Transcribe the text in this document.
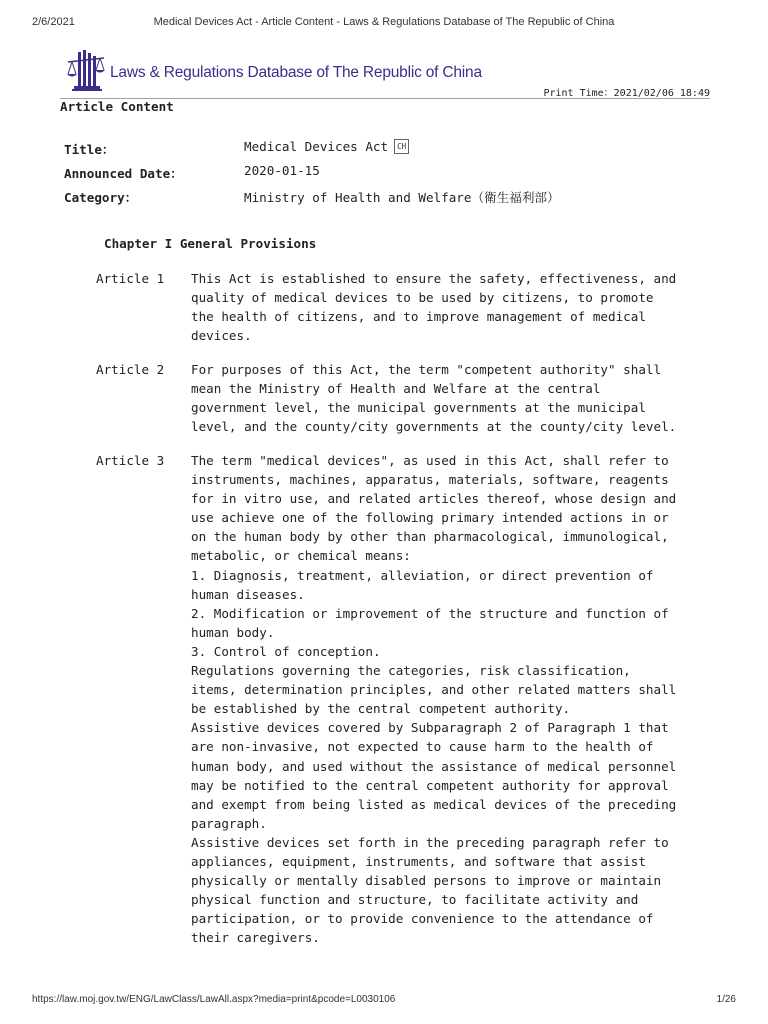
2/6/2021	Medical Devices Act - Article Content - Laws & Regulations Database of The Republic of China
Laws & Regulations Database of The Republic of China
Print Time：2021/02/06 18:49
Article Content
Title：	Medical Devices Act CH
Announced Date：	2020-01-15
Category：	Ministry of Health and Welfare（衛生福利部）
Chapter I General Provisions
Article 1 This Act is established to ensure the safety, effectiveness, and
quality of medical devices to be used by citizens, to promote
the health of citizens, and to improve management of medical
devices.
Article 2 For purposes of this Act, the term "competent authority" shall
mean the Ministry of Health and Welfare at the central
government level, the municipal governments at the municipal
level, and the county/city governments at the county/city level.
Article 3 The term "medical devices", as used in this Act, shall refer to
instruments, machines, apparatus, materials, software, reagents
for in vitro use, and related articles thereof, whose design and
use achieve one of the following primary intended actions in or
on the human body by other than pharmacological, immunological,
metabolic, or chemical means:
1. Diagnosis, treatment, alleviation, or direct prevention of
human diseases.
2. Modification or improvement of the structure and function of
human body.
3. Control of conception.
Regulations governing the categories, risk classification,
items, determination principles, and other related matters shall
be established by the central competent authority.
Assistive devices covered by Subparagraph 2 of Paragraph 1 that
are non-invasive, not expected to cause harm to the health of
human body, and used without the assistance of medical personnel
may be notified to the central competent authority for approval
and exempt from being listed as medical devices of the preceding
paragraph.
Assistive devices set forth in the preceding paragraph refer to
appliances, equipment, instruments, and software that assist
physically or mentally disabled persons to improve or maintain
physical function and structure, to facilitate activity and
participation, or to provide convenience to the attendance of
their caregivers.
https://law.moj.gov.tw/ENG/LawClass/LawAll.aspx?media=print&pcode=L0030106	1/26
